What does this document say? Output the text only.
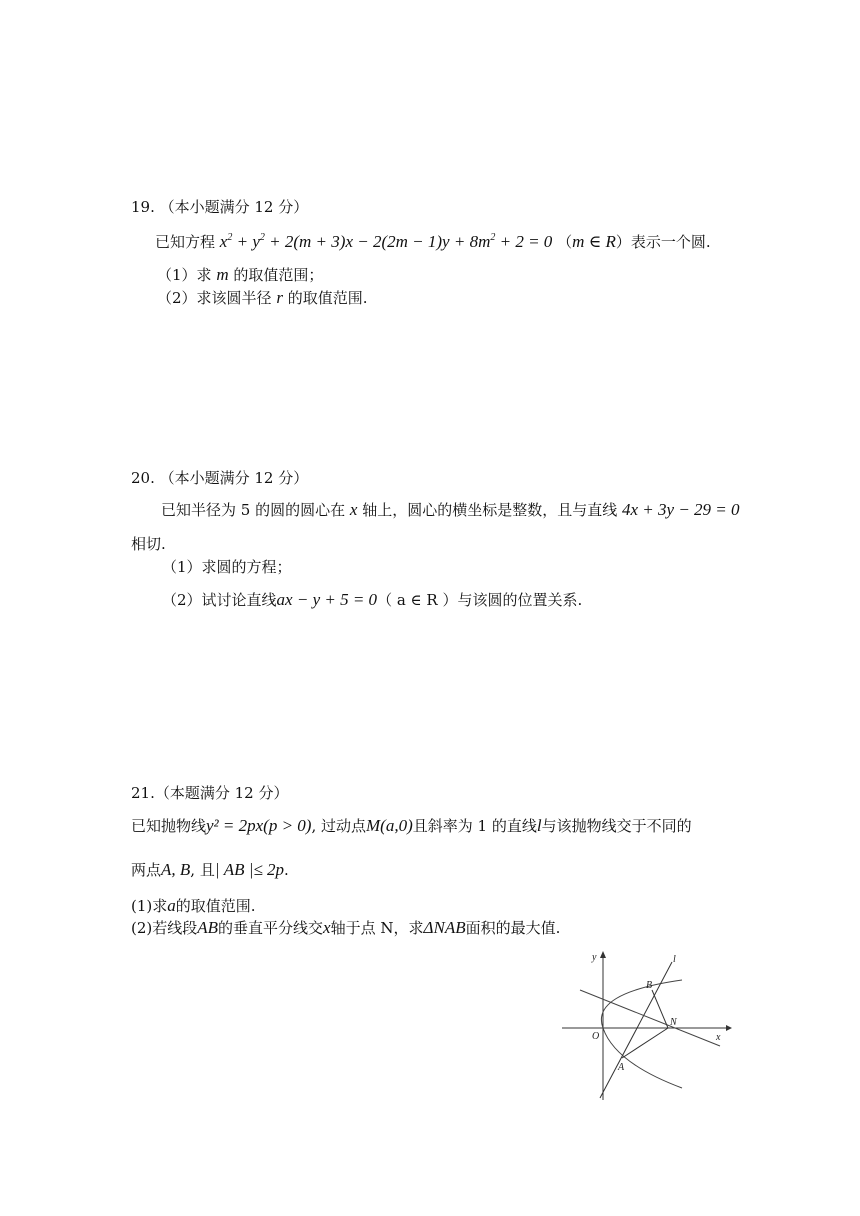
19. （本小题满分 12 分）
已知方程 $x^2 + y^2 + 2(m + 3)x - 2(2m - 1)y + 8m^2 + 2 = 0$ （m ∈ R）表示一个圆.
（1）求 m 的取值范围；
（2）求该圆半径 r 的取值范围.
20. （本小题满分 12 分）
已知半径为 5 的圆的圆心在 x 轴上，圆心的横坐标是整数，且与直线 4x + 3y − 29 = 0
相切.
（1）求圆的方程；
（2）试讨论直线ax − y + 5 = 0（ a ∈ R ）与该圆的位置关系.
21.（本题满分 12 分）
已知抛物线y² = 2px(p > 0), 过动点M(a,0)且斜率为 1 的直线l与该抛物线交于不同的
两点A, B, 且| AB |≤ 2p.
(1)求a的取值范围.
(2)若线段AB的垂直平分线交x轴于点 N，求ΔNAB面积的最大值.
y
x
l
B
O
N
A
